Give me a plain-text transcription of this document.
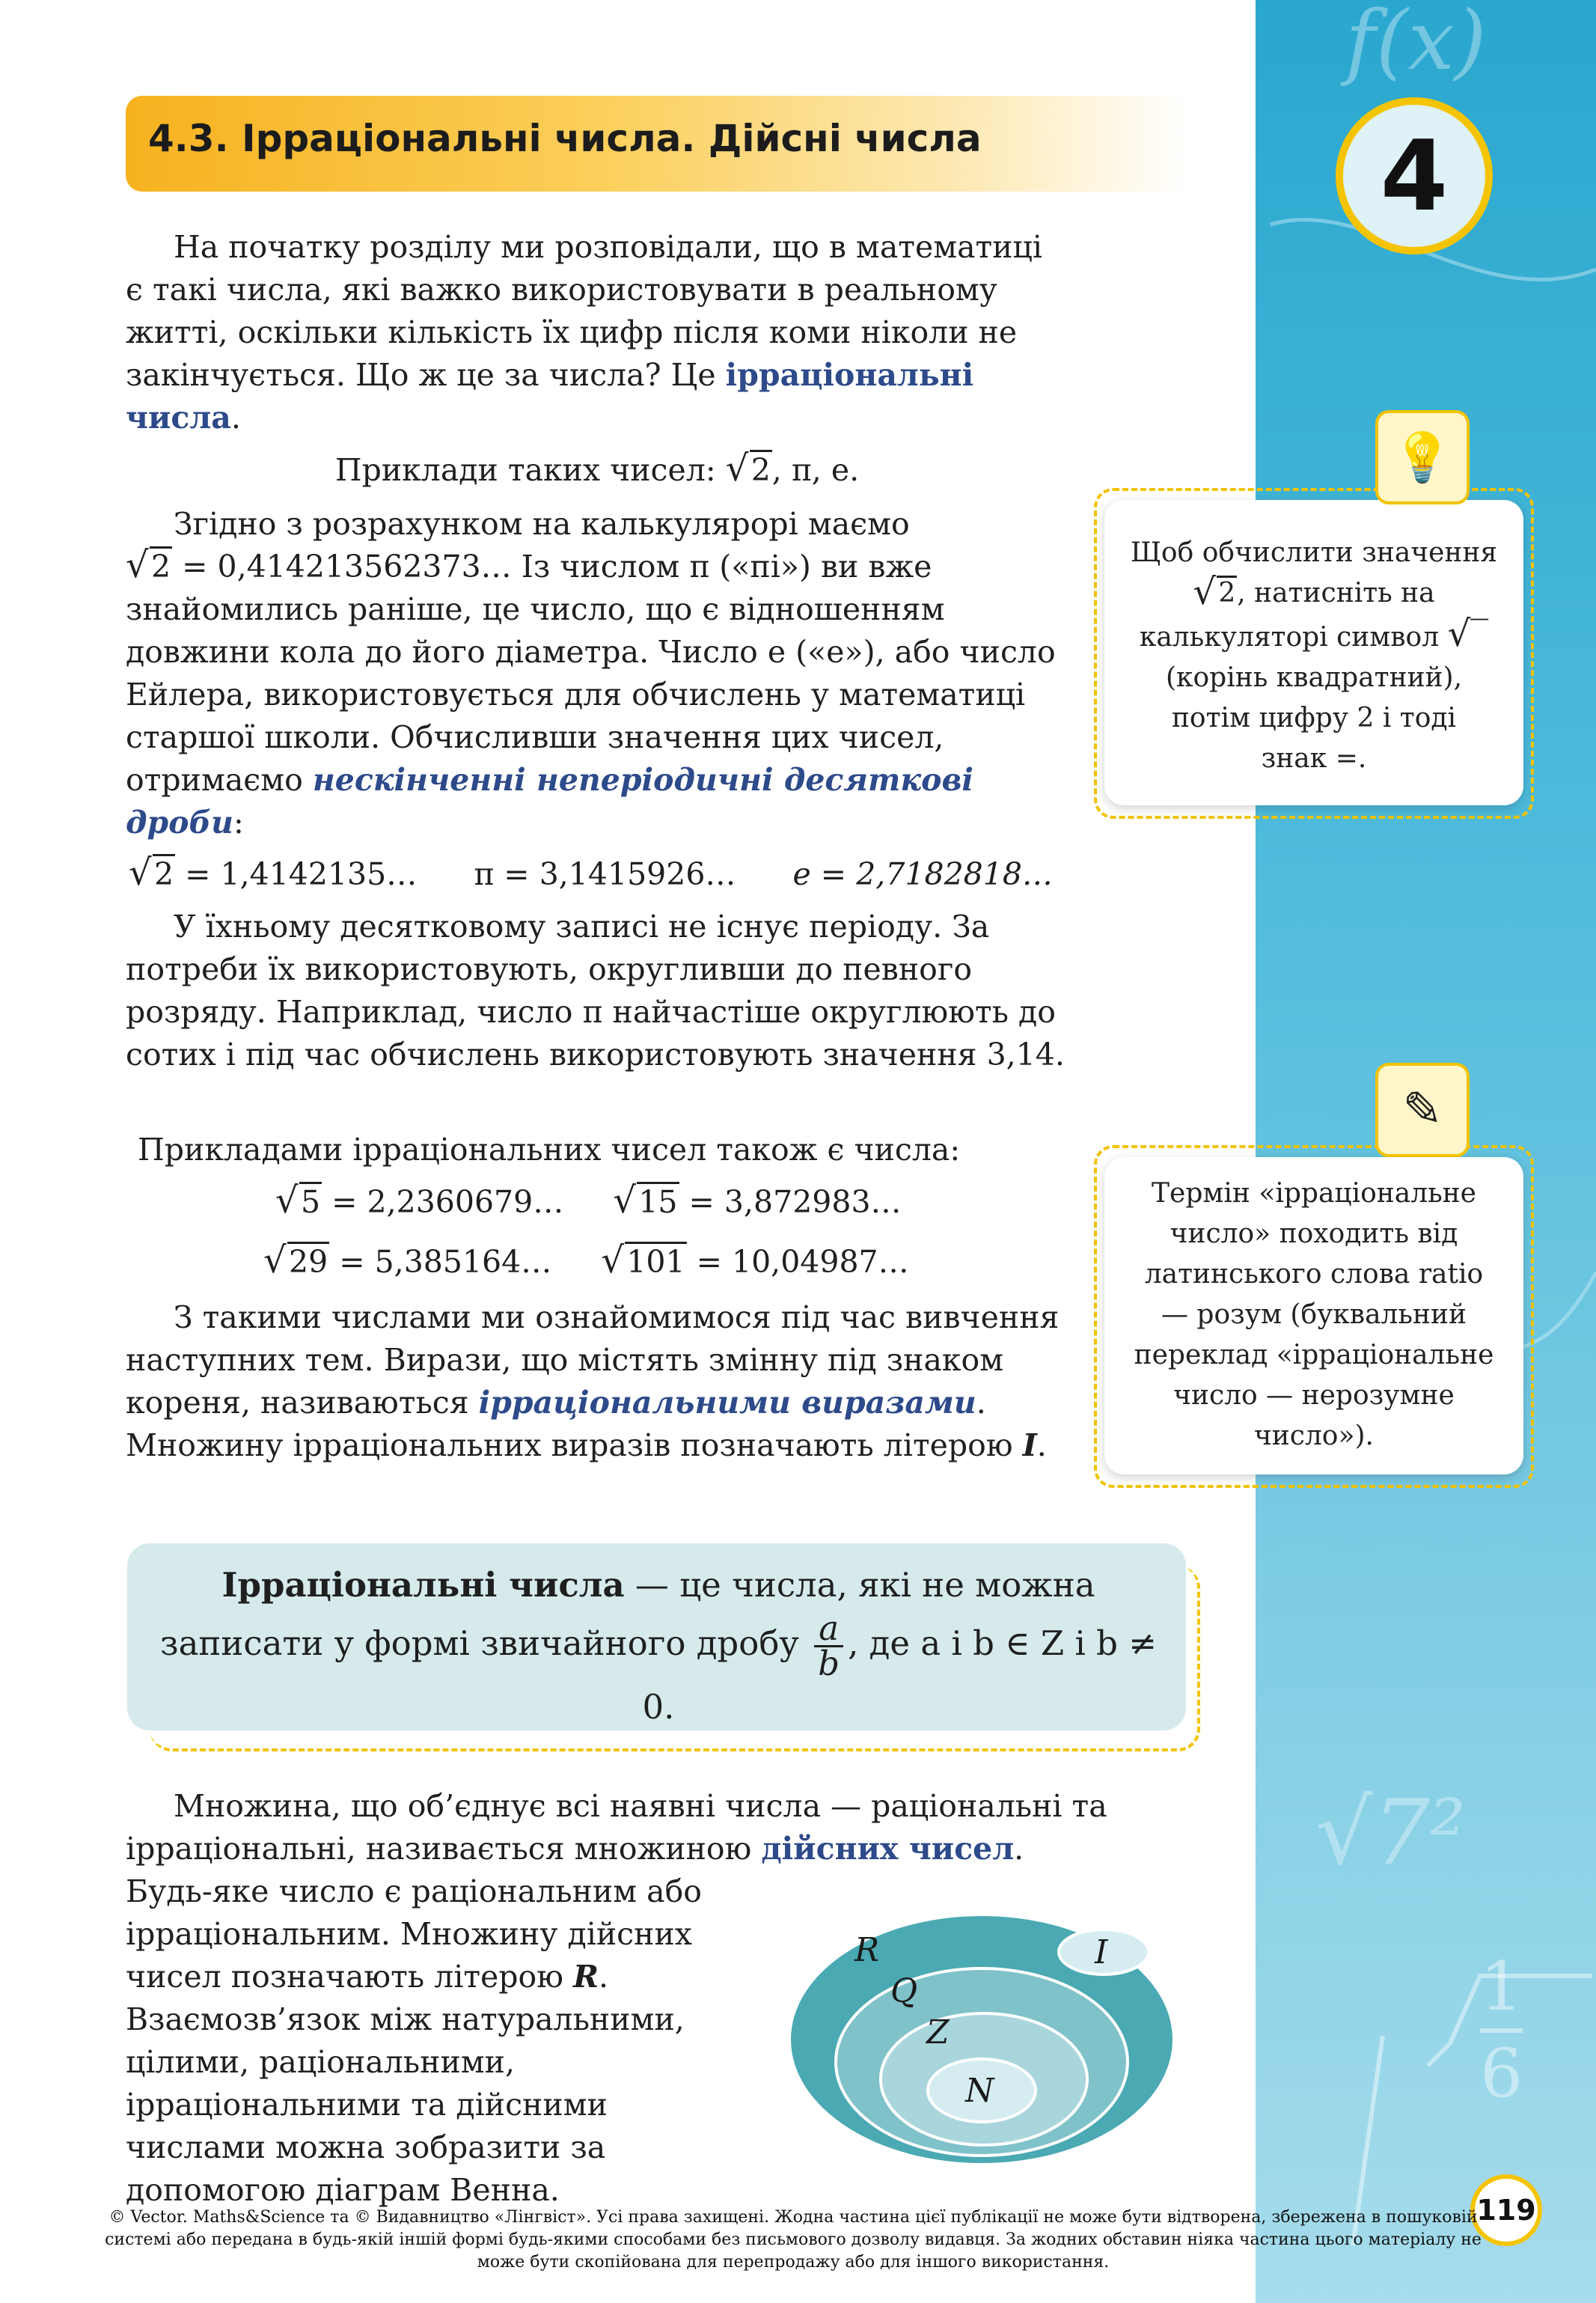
f(x)
√7²
$\frac{1}{6}$
4
4.3. Ірраціональні числа. Дійсні числа

На початку розділу ми розповідали, що в математиці є такі числа, які важко використовувати в реальному житті, оскільки кількість їх цифр після коми ніколи не закінчується. Що ж це за числа? Це ірраціональні числа.

Приклади таких чисел: √ 2, π, e.

Згідно з розрахунком на калькулярорі маємо

√ 2 = 0,414213562373… Із числом π («пі») ви вже знайомились раніше, це число, що є відношенням довжини кола до його діаметра. Число e («е»), або число Ейлера, використовується для обчислень у математиці старшої школи. Обчисливши значення цих чисел, отримаємо нескінченні неперіодичні десяткові дроби:

√ 2 = 1,4142135… π = 3,1415926… e = 2,7182818…

У їхньому десятковому записі не існує періоду. За потреби їх використовують, округливши до певного розряду. Наприклад, число π найчастіше округлюють до сотих і під час обчислень використовують значення 3,14.

Прикладами ірраціональних чисел також є числа:
√ 5 = 2,2360679… √ 15 = 3,872983…
√ 29 = 5,385164… √ 101 = 10,04987…

З такими числами ми ознайомимося під час вивчення наступних тем. Вирази, що містять змінну під знаком кореня, називаються ірраціональними виразами. Множину ірраціональних виразів позначають літерою I.

Ірраціональні числа — це числа, які не можна записати у формі звичайного дробу $\frac{a}{b}$ , де a і b ∈ Z і b ≠ 0.

Множина, що об’єднує всі наявні числа — раціональні та ірраціональні, називається множиною дійсних чисел.

Будь-яке число є раціональним або ірраціональним. Множину дійсних чисел позначають літерою R. Взаємозв’язок між натуральними, цілими, раціональними, ірраціональними та дійсними числами можна зобразити за допомогою діаграм Венна.

R
Q
Z
N
I
Щоб обчислити значення
√ 2, натисніть на
калькуляторі символ √‾
(корінь квадратний),
потім цифру 2 і тоді
знак =.
💡
Термін «ірраціональне число» походить від латинського слова ratio — розум (буквальний переклад «ірраціональне число — нерозумне число»).
✎
119
© Vector. Maths&Science та © Видавництво «Лінгвіст». Усі права захищені. Жодна частина цієї публікації не може бути відтворена, збережена в пошуковій системі або передана в будь-якій іншій формі будь-якими способами без письмового дозволу видавця. За жодних обставин ніяка частина цього матеріалу не може бути скопійована для перепродажу або для іншого використання.
